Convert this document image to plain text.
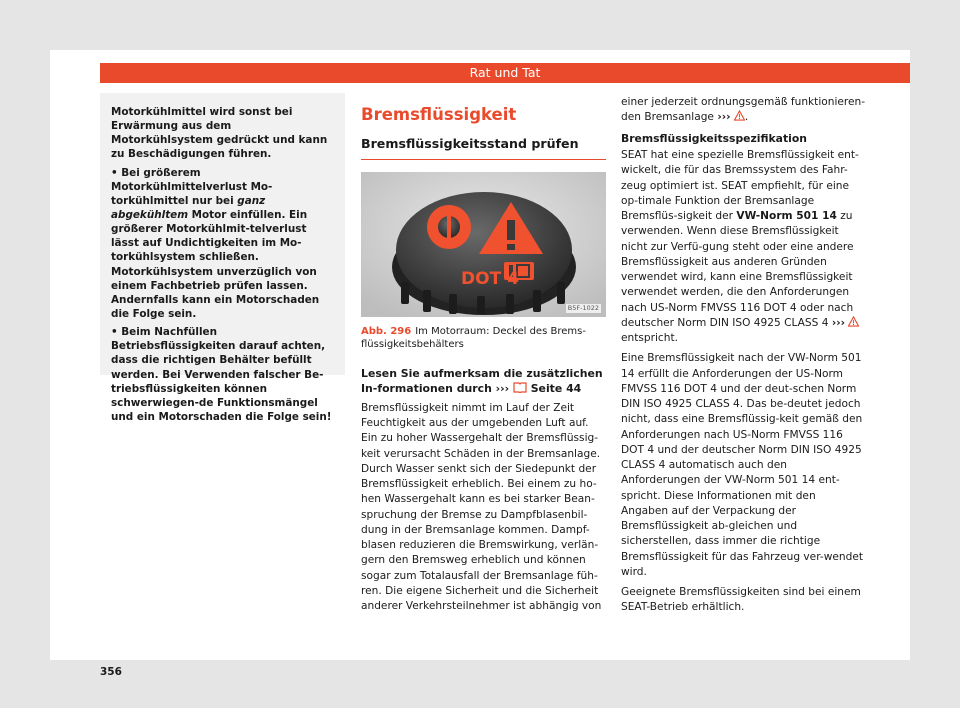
Rat und Tat

Motorkühlmittel wird sonst bei Erwärmung aus dem Motorkühlsystem gedrückt und kann zu Beschädigungen führen.

• Bei größerem Motorkühlmittelverlust Mo-torkühlmittel nur bei ganz abgekühltem Motor einfüllen. Ein größerer Motorkühlmit-telverlust lässt auf Undichtigkeiten im Mo-torkühlsystem schließen. Motorkühlsystem unverzüglich von einem Fachbetrieb prüfen lassen. Andernfalls kann ein Motorschaden die Folge sein.

• Beim Nachfüllen Betriebsflüssigkeiten darauf achten, dass die richtigen Behälter befüllt werden. Bei Verwenden falscher Be-triebsflüssigkeiten können schwerwiegen-de Funktionsmängel und ein Motorschaden die Folge sein!

Bremsflüssigkeit
Bremsflüssigkeitsstand prüfen
DOT 4
B5F-1022
Abb. 296 Im Motorraum: Deckel des Brems-flüssigkeitsbehälters
Lesen Sie aufmerksam die zusätzlichen In-formationen durch ››› Seite 44

Bremsflüssigkeit nimmt im Lauf der Zeit Feuchtigkeit aus der umgebenden Luft auf. Ein zu hoher Wassergehalt der Bremsflüssig-keit verursacht Schäden in der Bremsanlage. Durch Wasser senkt sich der Siedepunkt der Bremsflüssigkeit erheblich. Bei einem zu ho-hen Wassergehalt kann es bei starker Bean-spruchung der Bremse zu Dampfblasenbil-dung in der Bremsanlage kommen. Dampf-blasen reduzieren die Bremswirkung, verlän-gern den Bremsweg erheblich und können sogar zum Totalausfall der Bremsanlage füh-ren. Die eigene Sicherheit und die Sicherheit anderer Verkehrsteilnehmer ist abhängig von

einer jederzeit ordnungsgemäß funktionieren-den Bremsanlage ››› .

Bremsflüssigkeitsspezifikation

SEAT hat eine spezielle Bremsflüssigkeit ent-wickelt, die für das Bremssystem des Fahr-zeug optimiert ist. SEAT empfiehlt, für eine op-timale Funktion der Bremsanlage Bremsflüs-sigkeit der VW-Norm 501 14 zu verwenden. Wenn diese Bremsflüssigkeit nicht zur Verfü-gung steht oder eine andere Bremsflüssigkeit aus anderen Gründen verwendet wird, kann eine Bremsflüssigkeit verwendet werden, die den Anforderungen nach US-Norm FMVSS 116 DOT 4 oder nach deutscher Norm DIN ISO 4925 CLASS 4 ›››  entspricht.

Eine Bremsflüssigkeit nach der VW-Norm 501 14 erfüllt die Anforderungen der US-Norm FMVSS 116 DOT 4 und der deut-schen Norm DIN ISO 4925 CLASS 4. Das be-deutet jedoch nicht, dass eine Bremsflüssig-keit gemäß den Anforderungen nach US-Norm FMVSS 116 DOT 4 und der deutscher Norm DIN ISO 4925 CLASS 4 automatisch auch den Anforderungen der VW-Norm 501 14 ent-spricht. Diese Informationen mit den Angaben auf der Verpackung der Bremsflüssigkeit ab-gleichen und sicherstellen, dass immer die richtige Bremsflüssigkeit für das Fahrzeug ver-wendet wird.

Geeignete Bremsflüssigkeiten sind bei einem SEAT-Betrieb erhältlich.

356
